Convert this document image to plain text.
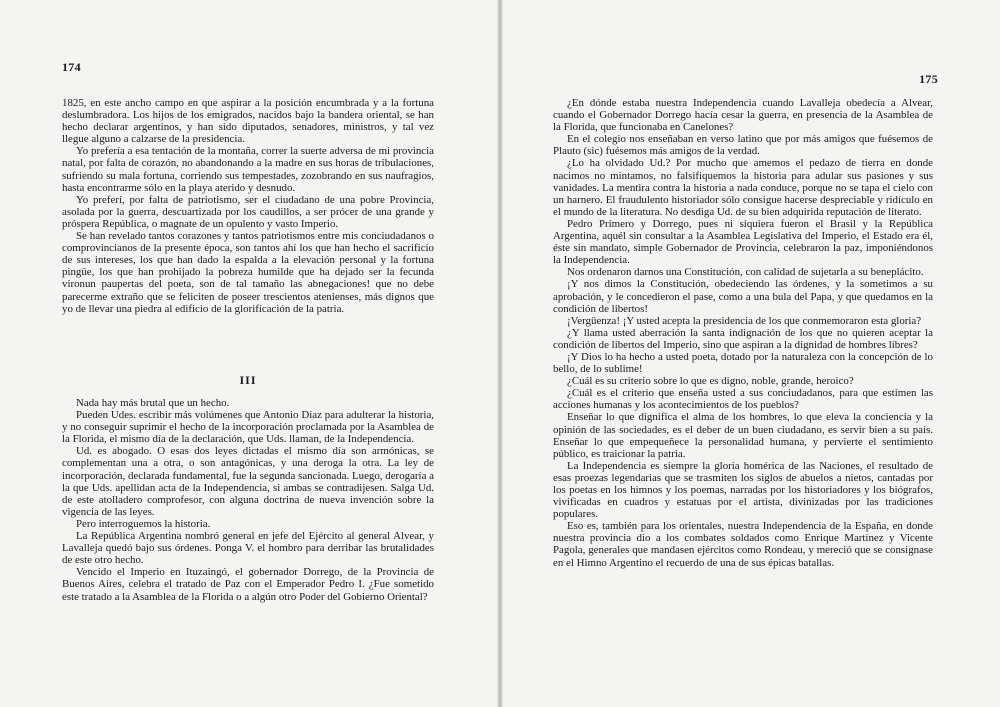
174

1825, en este ancho campo en que aspirar a la posición encumbrada y a la fortuna deslumbradora. Los hijos de los emigrados, nacidos bajo la bandera oriental, se han hecho declarar argentinos, y han sido diputados, senadores, ministros, y tal vez llegue alguno a calzarse de la presidencia.

Yo prefería a esa tentación de la montaña, correr la suerte adversa de mi provincia natal, por falta de corazón, no abandonando a la madre en sus horas de tribulaciones, sufriendo su mala fortuna, corriendo sus tempestades, zozobrando en sus naufragios, hasta encontrarme sólo en la playa aterido y desnudo.

Yo preferí, por falta de patriotismo, ser el ciudadano de una pobre Provincia, asolada por la guerra, descuartizada por los caudillos, a ser prócer de una grande y próspera República, o magnate de un opulento y vasto Imperio.

Se han revelado tantos corazones y tantos patriotismos entre mis conciudadanos o comprovincianos de la presente época, son tantos ahí los que han hecho el sacrificio de sus intereses, los que han dado la espalda a la elevación personal y la fortuna pingüe, los que han prohijado la pobreza humilde que ha dejado ser la fecunda vironun paupertas del poeta, son de tal tamaño las abnegaciones! que no debe parecerme extraño que se feliciten de poseer trescientos atenienses, más dignos que yo de llevar una piedra al edificio de la glorificación de la patria.

III

Nada hay más brutal que un hecho.

Pueden Udes. escribir más volúmenes que Antonio Díaz para adulterar la historia, y no conseguir suprimir el hecho de la incorporación proclamada por la Asamblea de la Florida, el mismo día de la declaración, que Uds. llaman, de la Independencia.

Ud. es abogado. O esas dos leyes dictadas el mismo día son armónicas, se complementan una a otra, o son antagónicas, y una deroga la otra. La ley de incorporación, declarada fundamental, fue la segunda sancionada. Luego, derogaría a la que Uds. apellidan acta de la Independencia, si ambas se contradijesen. Salga Ud. de este atolladero comprofesor, con alguna doctrina de nueva invención sobre la vigencia de las leyes.

Pero interroguemos la historia.

La República Argentina nombró general en jefe del Ejército al general Alvear, y Lavalleja quedó bajo sus órdenes. Ponga V. el hombro para derribar las brutalidades de este otro hecho.

Vencido el Imperio en Ituzaingó, el gobernador Dorrego, de la Provincia de Buenos Aires, celebra el tratado de Paz con el Emperador Pedro I. ¿Fue sometido este tratado a la Asamblea de la Florida o a algún otro Poder del Gobierno Oriental?

175

¿En dónde estaba nuestra Independencia cuando Lavalleja obedecía a Alvear, cuando el Gobernador Dorrego hacía cesar la guerra, en presencia de la Asamblea de la Florida, que funcionaba en Canelones?

En el colegio nos enseñaban en verso latino que por más amigos que fuésemos de Plauto (sic) fuésemos más amigos de la verdad.

¿Lo ha olvidado Ud.? Por mucho que amemos el pedazo de tierra en donde nacimos no mintamos, no falsifiquemos la historia para adular sus pasiones y sus vanidades. La mentira contra la historia a nada conduce, porque no se tapa el cielo con un harnero. El fraudulento historiador sólo consigue hacerse despreciable y ridículo en el mundo de la literatura. No desdiga Ud. de su bien adquirida reputación de literato.

Pedro Primero y Dorrego, pues ni siquiera fueron el Brasil y la República Argentina, aquél sin consultar a la Asamblea Legislativa del Imperio, el Estado era él, éste sin mandato, simple Gobernador de Provincia, celebraron la paz, imponiéndonos la Independencia.

Nos ordenaron darnos una Constitución, con calidad de sujetarla a su beneplácito.

¡Y nos dimos la Constitución, obedeciendo las órdenes, y la sometimos a su aprobación, y le concedieron el pase, como a una bula del Papa, y que quedamos en la condición de libertos!

¡Vergüenza! ¡Y usted acepta la presidencia de los que conmemoraron esta gloria?

¿Y llama usted aberración la santa indignación de los que no quieren aceptar la condición de libertos del Imperio, sino que aspiran a la dignidad de hombres libres?

¡Y Dios lo ha hecho a usted poeta, dotado por la naturaleza con la concepción de lo bello, de lo sublime!

¿Cuál es su criterio sobre lo que es digno, noble, grande, heroico?

¿Cuál es el criterio que enseña usted a sus conciudadanos, para que estimen las acciones humanas y los acontecimientos de los pueblos?

Enseñar lo que dignifica el alma de los hombres, lo que eleva la conciencia y la opinión de las sociedades, es el deber de un buen ciudadano, es servir bien a su país. Enseñar lo que empequeñece la personalidad humana, y pervierte el sentimiento público, es traicionar la patria.

La Independencia es siempre la gloria homérica de las Naciones, el resultado de esas proezas legendarias que se trasmiten los siglos de abuelos a nietos, cantadas por los poetas en los himnos y los poemas, narradas por los historiadores y los biógrafos, vivificadas en cuadros y estatuas por el artista, divinizadas por las tradiciones populares.

Eso es, también para los orientales, nuestra Independencia de la España, en donde nuestra provincia dio a los combates soldados como Enrique Martínez y Vicente Pagola, generales que mandasen ejércitos como Rondeau, y mereció que se consignase en el Himno Argentino el recuerdo de una de sus épicas batallas.
